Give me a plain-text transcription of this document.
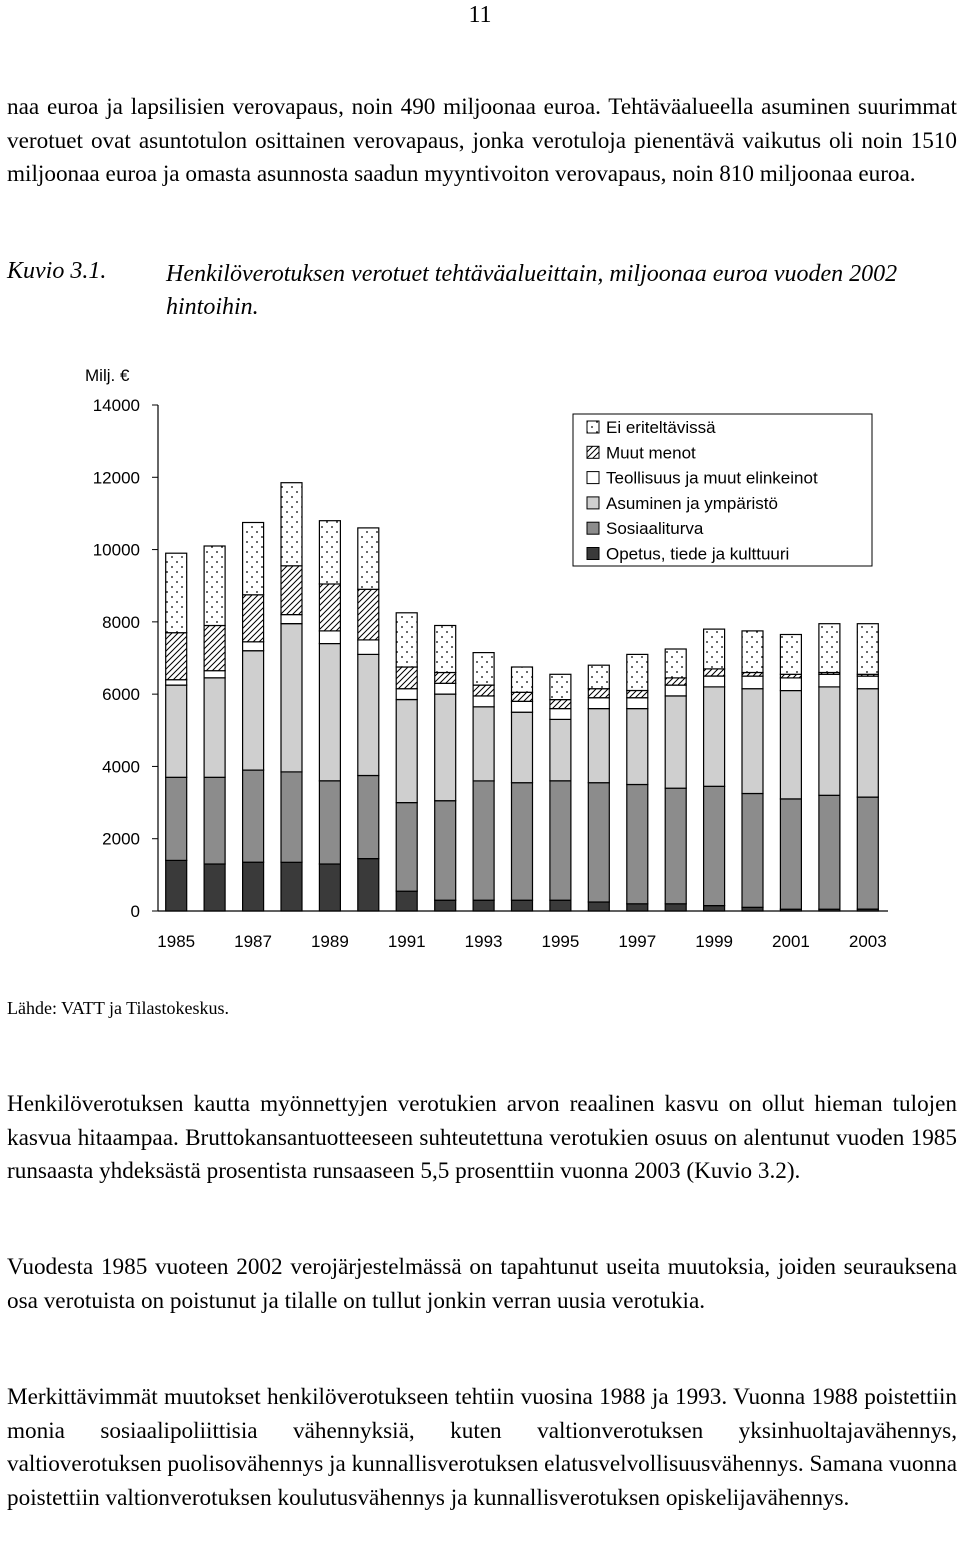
11

naa euroa ja lapsilisien verovapaus, noin 490 miljoonaa euroa. Tehtäväalueella asuminen suurimmat verotuet ovat asuntotulon osittainen verovapaus, jonka verotuloja pienentävä vaikutus oli noin 1510 miljoonaa euroa ja omasta asunnosta saadun myyntivoiton verovapaus, noin 810 miljoonaa euroa.

Kuvio 3.1. Henkilöverotuksen verotuet tehtäväalueittain, miljoonaa euroa vuoden 2002 hintoihin.
Milj. €
0
2000
4000
6000
8000
10000
12000
14000
1985 1987 1989 1991 1993 1995 1997 1999 2001 2003
Ei eriteltävissä
Muut menot
Teollisuus ja muut elinkeinot
Asuminen ja ympäristö
Sosiaaliturva
Opetus, tiede ja kulttuuri
Lähde: VATT ja Tilastokeskus.

Henkilöverotuksen kautta myönnettyjen verotukien arvon reaalinen kasvu on ollut hieman tulojen kasvua hitaampaa. Bruttokansantuotteeseen suhteutettuna verotukien osuus on alentunut vuoden 1985 runsaasta yhdeksästä prosentista runsaaseen 5,5 prosenttiin vuonna 2003 (Kuvio 3.2).

Vuodesta 1985 vuoteen 2002 verojärjestelmässä on tapahtunut useita muutoksia, joiden seurauksena osa verotuista on poistunut ja tilalle on tullut jonkin verran uusia verotukia.

Merkittävimmät muutokset henkilöverotukseen tehtiin vuosina 1988 ja 1993. Vuonna 1988 poistettiin monia sosiaalipoliittisia vähennyksiä, kuten valtionverotuksen yksinhuoltajavähennys, valtioverotuksen puolisovähennys ja kunnallisverotuksen elatusvelvollisuusvähennys. Samana vuonna poistettiin valtionverotuksen koulutusvähennys ja kunnallisverotuksen opiskelijavähennys.
